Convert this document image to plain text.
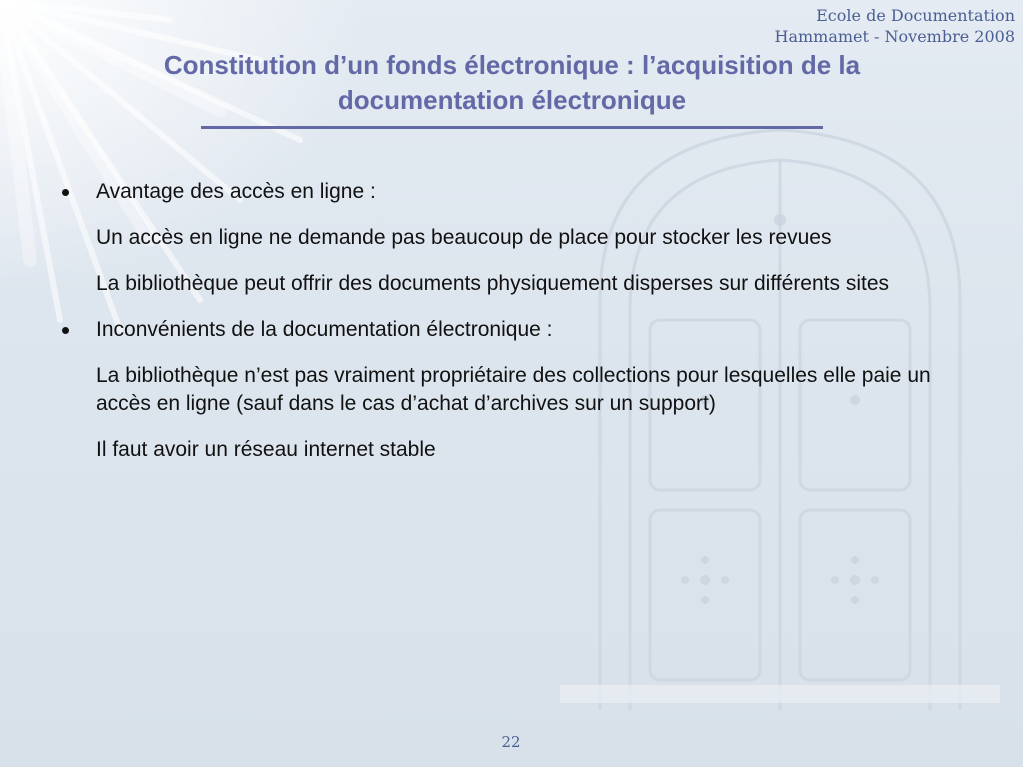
Ecole de Documentation
Hammamet - Novembre 2008
Constitution d’un fonds électronique : l’acquisition de la
documentation électronique
Avantage des accès en ligne :
Un accès en ligne ne demande pas beaucoup de place pour stocker les revues
La bibliothèque peut offrir des documents physiquement disperses sur différents sites
Inconvénients de la documentation électronique :
La bibliothèque n’est pas vraiment propriétaire des collections pour lesquelles elle paie un accès en ligne (sauf dans le cas d’achat d’archives sur un support)
Il faut avoir un réseau internet stable
22
